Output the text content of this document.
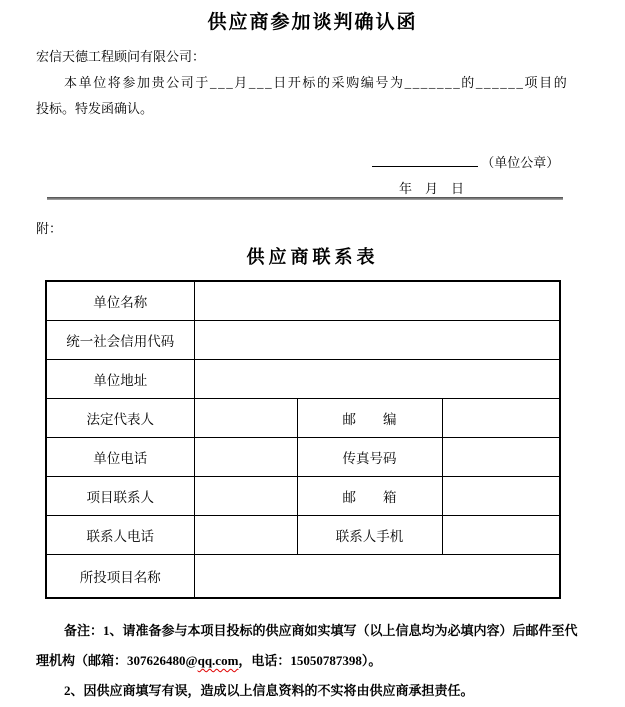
供应商参加谈判确认函
宏信天德工程顾问有限公司：
本单位将参加贵公司于___月___日开标的采购编号为_______的______项目的
投标。特发函确认。
（单位公章）
年　月　日
附：
供应商联系表
单位名称			
统一社会信用代码			
单位地址			
法定代表人		邮　　编	
单位电话		传真号码	
项目联系人		邮　　箱	
联系人电话		联系人手机	
所投项目名称			
备注：1、请准备参与本项目投标的供应商如实填写（以上信息均为必填内容）后邮件至代
理机构（邮箱：307626480@qq.com，电话：15050787398）。
2、因供应商填写有误，造成以上信息资料的不实将由供应商承担责任。
